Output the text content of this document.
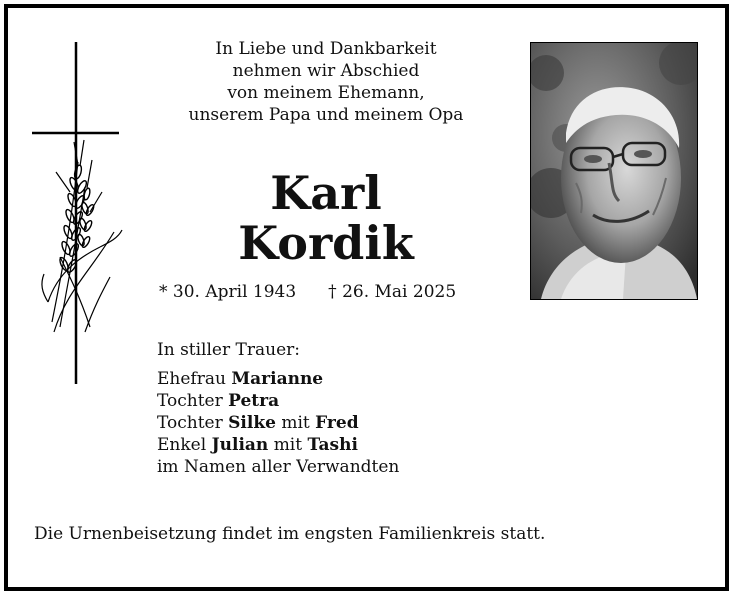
In Liebe und Dankbarkeit
nehmen wir Abschied
von meinem Ehemann,
unserem Papa und meinem Opa
Karl
Kordik
* 30. April 1943 † 26. Mai 2025
In stiller Trauer:
Ehefrau Marianne
Tochter Petra
Tochter Silke mit Fred
Enkel Julian mit Tashi
im Namen aller Verwandten
Die Urnenbeisetzung findet im engsten Familienkreis statt.
